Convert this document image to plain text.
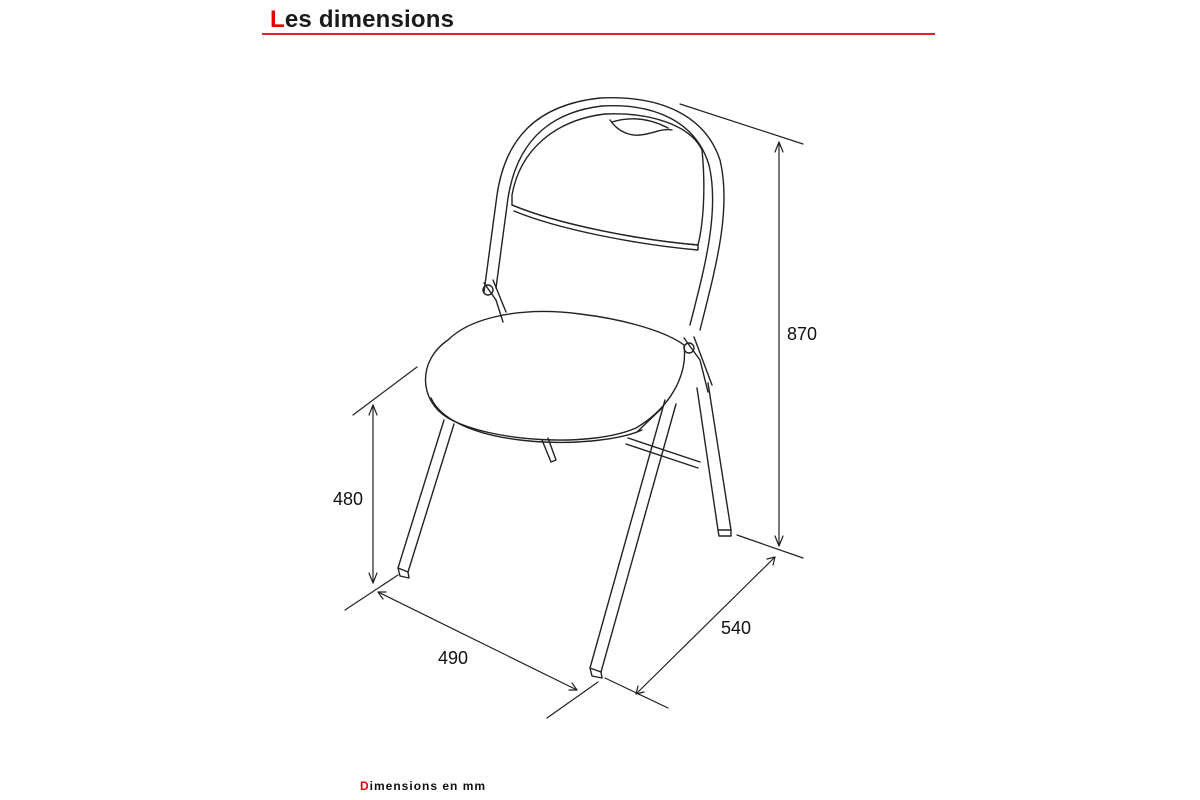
Les dimensions
870
480
490
540
Dimensions en mm
